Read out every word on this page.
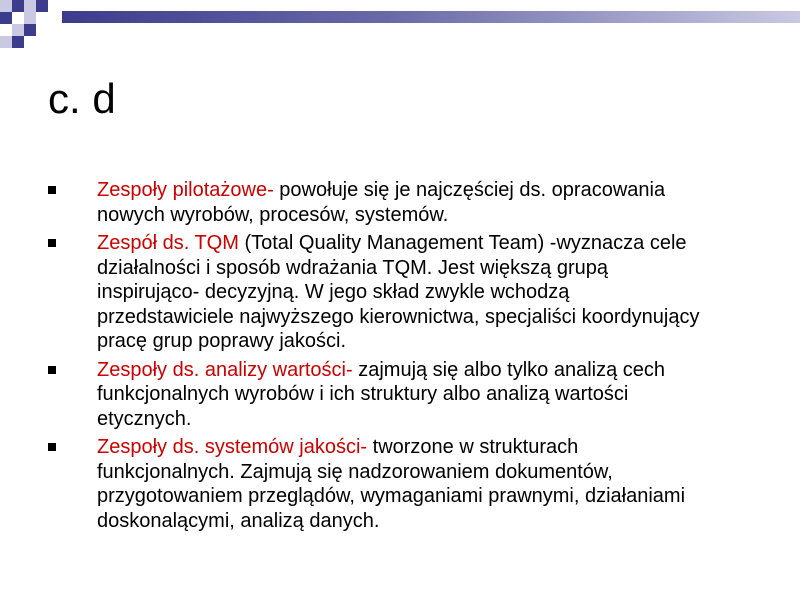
c. d
Zespoły pilotażowe- powołuje się je najczęściej ds. opracowania nowych wyrobów, procesów, systemów.
Zespół ds. TQM (Total Quality Management Team) -wyznacza cele działalności i sposób wdrażania TQM. Jest większą grupą inspirująco- decyzyjną. W jego skład zwykle wchodzą przedstawiciele najwyższego kierownictwa, specjaliści koordynujący pracę grup poprawy jakości.
Zespoły ds. analizy wartości- zajmują się albo tylko analizą cech funkcjonalnych wyrobów i ich struktury albo analizą wartości etycznych.
Zespoły ds. systemów jakości- tworzone w strukturach funkcjonalnych. Zajmują się nadzorowaniem dokumentów, przygotowaniem przeglądów, wymaganiami prawnymi, działaniami doskonalącymi, analizą danych.
